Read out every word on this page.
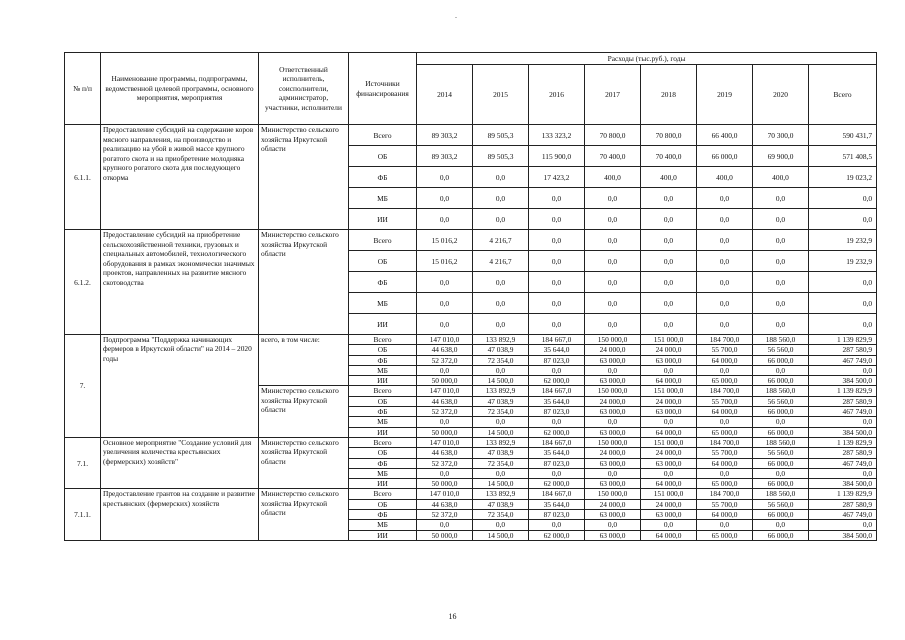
№ п/п	Наименование программы, подпрограммы, ведомственной целевой программы, основного мероприятия, мероприятия	Ответственный исполнитель, соисполнители, администратор, участники, исполнители	Источники финансирования	Расходы (тыс.руб.), годы							
				2014	2015	2016	2017	2018	2019	2020	Всего
6.1.1.	Предоставление субсидий на содержание коров мясного направления, на производство и реализацию на убой в живой массе крупного рогатого скота и на приобретение молодняка крупного рогатого скота для последующего откорма	Министерство сельского хозяйства Иркутской области	Всего	89 303,2	89 505,3	133 323,2	70 800,0	70 800,0	66 400,0	70 300,0	590 431,7
			ОБ	89 303,2	89 505,3	115 900,0	70 400,0	70 400,0	66 000,0	69 900,0	571 408,5
			ФБ	0,0	0,0	17 423,2	400,0	400,0	400,0	400,0	19 023,2
			МБ	0,0	0,0	0,0	0,0	0,0	0,0	0,0	0,0
			ИИ	0,0	0,0	0,0	0,0	0,0	0,0	0,0	0,0
6.1.2.	Предоставление субсидий на приобретение сельскохозяйственной техники, грузовых и специальных автомобилей, технологического оборудования в рамках экономически значимых проектов, направленных на развитие мясного скотоводства	Министерство сельского хозяйства Иркутской области	Всего	15 016,2	4 216,7	0,0	0,0	0,0	0,0	0,0	19 232,9
			ОБ	15 016,2	4 216,7	0,0	0,0	0,0	0,0	0,0	19 232,9
			ФБ	0,0	0,0	0,0	0,0	0,0	0,0	0,0	0,0
			МБ	0,0	0,0	0,0	0,0	0,0	0,0	0,0	0,0
			ИИ	0,0	0,0	0,0	0,0	0,0	0,0	0,0	0,0
7.	Подпрограмма "Поддержка начинающих фермеров в Иркутской области" на 2014 – 2020 годы	всего, в том числе:	Всего	147 010,0	133 892,9	184 667,0	150 000,0	151 000,0	184 700,0	188 560,0	1 139 829,9
			ОБ	44 638,0	47 038,9	35 644,0	24 000,0	24 000,0	55 700,0	56 560,0	287 580,9
			ФБ	52 372,0	72 354,0	87 023,0	63 000,0	63 000,0	64 000,0	66 000,0	467 749,0
			МБ	0,0	0,0	0,0	0,0	0,0	0,0	0,0	0,0
			ИИ	50 000,0	14 500,0	62 000,0	63 000,0	64 000,0	65 000,0	66 000,0	384 500,0
		Министерство сельского хозяйства Иркутской области	Всего	147 010,0	133 892,9	184 667,0	150 000,0	151 000,0	184 700,0	188 560,0	1 139 829,9
			ОБ	44 638,0	47 038,9	35 644,0	24 000,0	24 000,0	55 700,0	56 560,0	287 580,9
			ФБ	52 372,0	72 354,0	87 023,0	63 000,0	63 000,0	64 000,0	66 000,0	467 749,0
			МБ	0,0	0,0	0,0	0,0	0,0	0,0	0,0	0,0
			ИИ	50 000,0	14 500,0	62 000,0	63 000,0	64 000,0	65 000,0	66 000,0	384 500,0
7.1.	Основное мероприятие "Создание условий для увеличения количества крестьянских (фермерских) хозяйств"	Министерство сельского хозяйства Иркутской области	Всего	147 010,0	133 892,9	184 667,0	150 000,0	151 000,0	184 700,0	188 560,0	1 139 829,9
			ОБ	44 638,0	47 038,9	35 644,0	24 000,0	24 000,0	55 700,0	56 560,0	287 580,9
			ФБ	52 372,0	72 354,0	87 023,0	63 000,0	63 000,0	64 000,0	66 000,0	467 749,0
			МБ	0,0	0,0	0,0	0,0	0,0	0,0	0,0	0,0
			ИИ	50 000,0	14 500,0	62 000,0	63 000,0	64 000,0	65 000,0	66 000,0	384 500,0
7.1.1.	Предоставление грантов на создание и развитие крестьянских (фермерских) хозяйств	Министерство сельского хозяйства Иркутской области	Всего	147 010,0	133 892,9	184 667,0	150 000,0	151 000,0	184 700,0	188 560,0	1 139 829,9
			ОБ	44 638,0	47 038,9	35 644,0	24 000,0	24 000,0	55 700,0	56 560,0	287 580,9
			ФБ	52 372,0	72 354,0	87 023,0	63 000,0	63 000,0	64 000,0	66 000,0	467 749,0
			МБ	0,0	0,0	0,0	0,0	0,0	0,0	0,0	0,0
			ИИ	50 000,0	14 500,0	62 000,0	63 000,0	64 000,0	65 000,0	66 000,0	384 500,0
16
